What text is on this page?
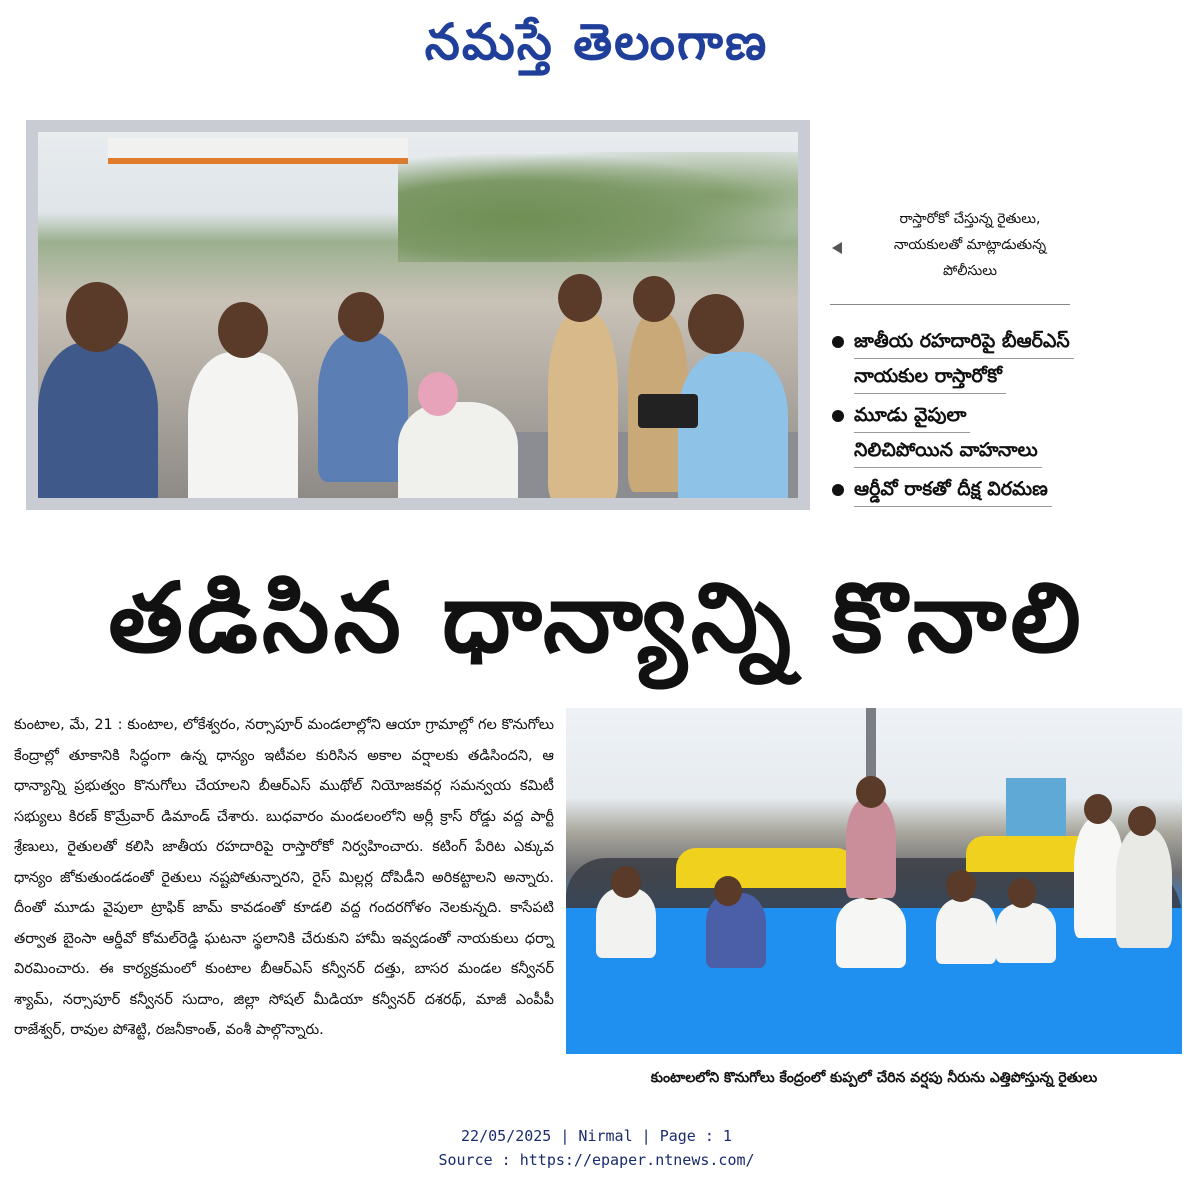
నమస్తే తెలంగాణ
రాస్తారోకో చేస్తున్న రైతులు,
నాయకులతో మాట్లాడుతున్న
పోలీసులు
జాతీయ రహదారిపై బీఆర్ఎస్
నాయకుల రాస్తారోకో
మూడు వైపులా
నిలిచిపోయిన వాహనాలు
ఆర్డీవో రాకతో దీక్ష విరమణ
తడిసిన ధాన్యాన్ని కొనాలి
కుంటాల, మే, 21 : కుంటాల, లోకేశ్వరం, నర్సాపూర్ మండలాల్లోని ఆయా గ్రామాల్లో గల కొనుగోలు కేంద్రాల్లో తూకానికి సిద్ధంగా ఉన్న ధాన్యం ఇటీవల కురిసిన అకాల వర్షాలకు తడిసిందని, ఆ ధాన్యాన్ని ప్రభుత్వం కొనుగోలు చేయాలని బీఆర్ఎస్ ముథోల్ నియోజకవర్గ సమన్వయ కమిటీ సభ్యులు కిరణ్ కొమ్రేవార్ డిమాండ్ చేశారు. బుధవారం మండలంలోని అర్లీ క్రాస్ రోడ్డు వద్ద పార్టీ శ్రేణులు, రైతులతో కలిసి జాతీయ రహదారిపై రాస్తారోకో నిర్వహించారు. కటింగ్ పేరిట ఎక్కువ ధాన్యం జోకుతుండడంతో రైతులు నష్టపోతున్నారని, రైస్ మిల్లర్ల దోపిడీని అరికట్టాలని అన్నారు. దీంతో మూడు వైపులా ట్రాఫిక్ జామ్ కావడంతో కూడలి వద్ద గందరగోళం నెలకున్నది. కాసేపటి తర్వాత బైంసా ఆర్డీవో కోమల్‌రెడ్డి ఘటనా స్థలానికి చేరుకుని హామీ ఇవ్వడంతో నాయకులు ధర్నా విరమించారు. ఈ కార్యక్రమంలో కుంటాల బీఆర్ఎస్ కన్వీనర్ దత్తు, బాసర మండల కన్వీనర్ శ్యామ్, నర్సాపూర్ కన్వీనర్ సుదాం, జిల్లా సోషల్ మీడియా కన్వీనర్ దశరథ్, మాజీ ఎంపీపీ రాజేశ్వర్, రావుల పోశెట్టి, రజనీకాంత్, వంశీ పాల్గొన్నారు.
కుంటాలలోని కొనుగోలు కేంద్రంలో కుప్పలో చేరిన వర్షపు నీరును ఎత్తిపోస్తున్న రైతులు
22/05/2025 | Nirmal | Page : 1
Source : https://epaper.ntnews.com/
